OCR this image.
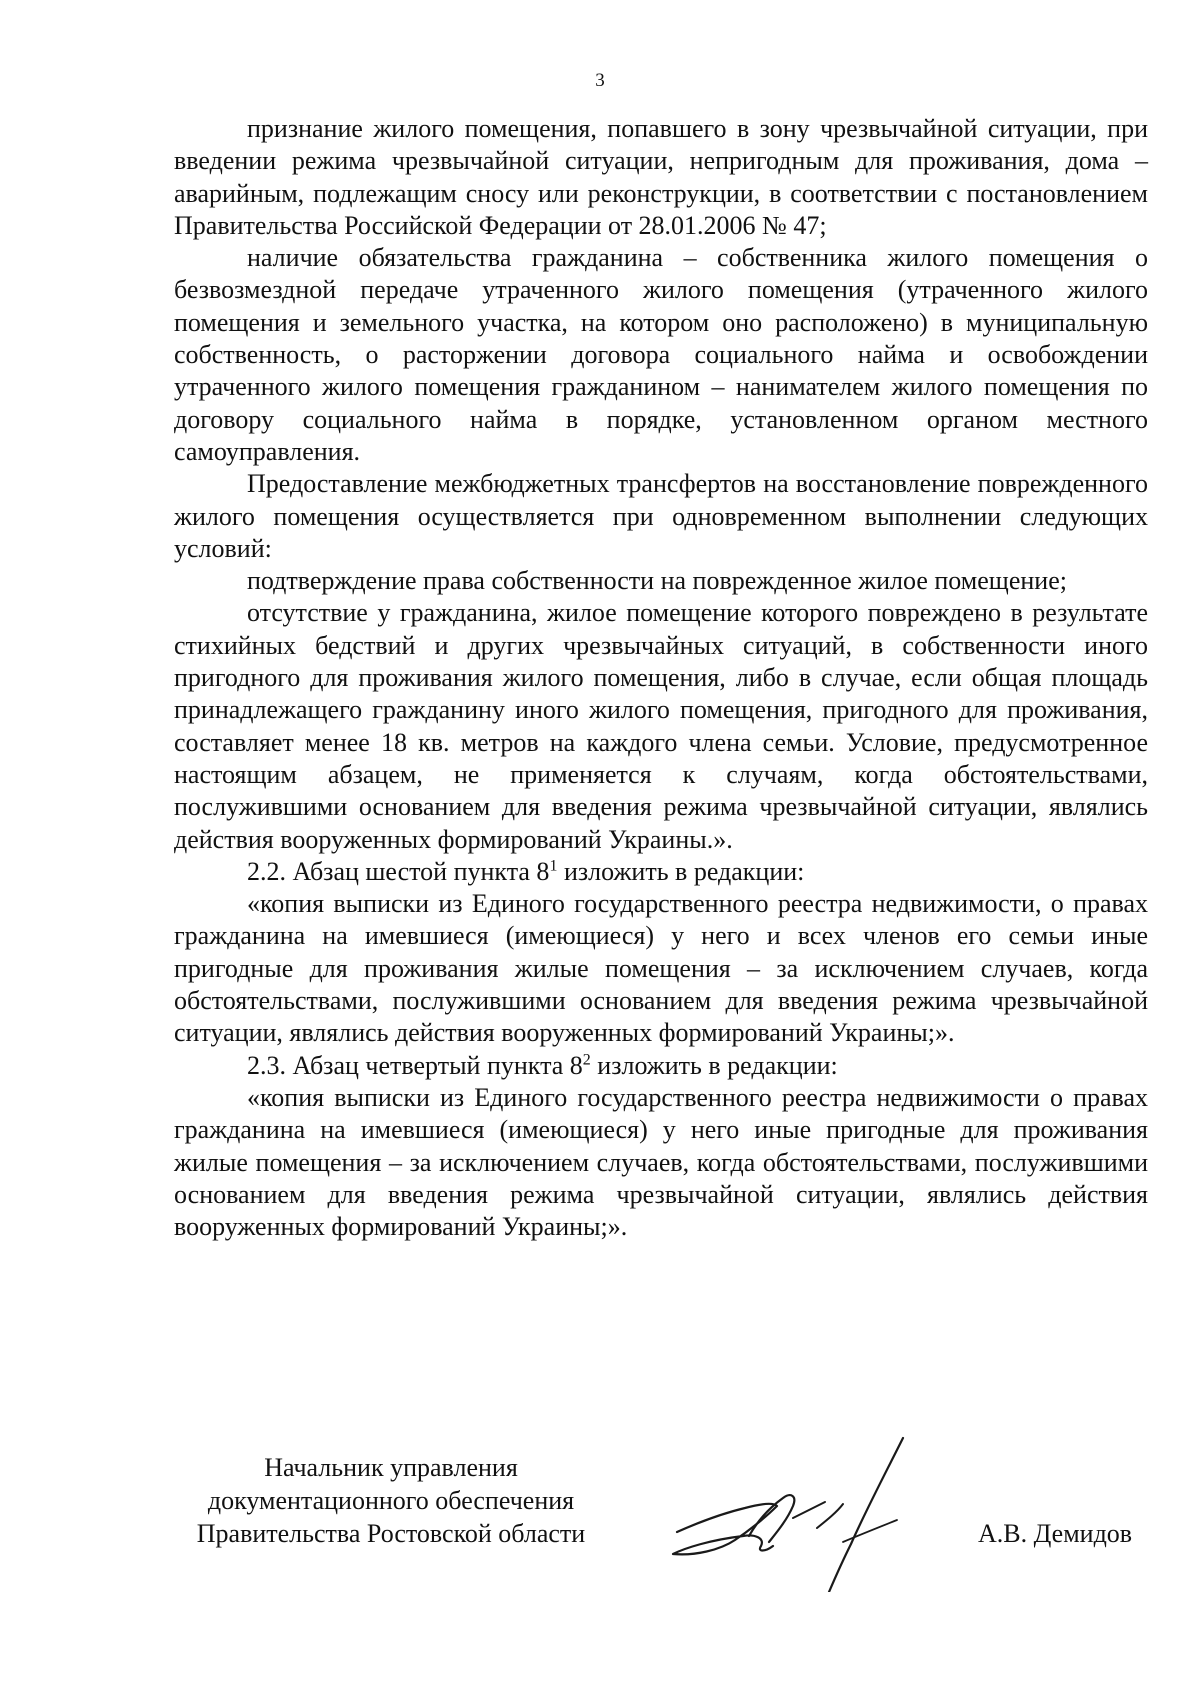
3

признание жилого помещения, попавшего в зону чрезвычайной ситуации, при введении режима чрезвычайной ситуации, непригодным для проживания, дома – аварийным, подлежащим сносу или реконструкции, в соответствии с постановлением Правительства Российской Федерации от 28.01.2006 № 47;

наличие обязательства гражданина – собственника жилого помещения о безвозмездной передаче утраченного жилого помещения (утраченного жилого помещения и земельного участка, на котором оно расположено) в муниципальную собственность, о расторжении договора социального найма и освобождении утраченного жилого помещения гражданином – нанимателем жилого помещения по договору социального найма в порядке, установленном органом местного самоуправления.

Предоставление межбюджетных трансфертов на восстановление поврежденного жилого помещения осуществляется при одновременном выполнении следующих условий:

подтверждение права собственности на поврежденное жилое помещение;

отсутствие у гражданина, жилое помещение которого повреждено в результате стихийных бедствий и других чрезвычайных ситуаций, в собственности иного пригодного для проживания жилого помещения, либо в случае, если общая площадь принадлежащего гражданину иного жилого помещения, пригодного для проживания, составляет менее 18 кв. метров на каждого члена семьи. Условие, предусмотренное настоящим абзацем, не применяется к случаям, когда обстоятельствами, послужившими основанием для введения режима чрезвычайной ситуации, являлись действия вооруженных формирований Украины.».

2.2. Абзац шестой пункта $8^1$ изложить в редакции:

«копия выписки из Единого государственного реестра недвижимости, о правах гражданина на имевшиеся (имеющиеся) у него и всех членов его семьи иные пригодные для проживания жилые помещения – за исключением случаев, когда обстоятельствами, послужившими основанием для введения режима чрезвычайной ситуации, являлись действия вооруженных формирований Украины;».

2.3. Абзац четвертый пункта $8^2$ изложить в редакции:

«копия выписки из Единого государственного реестра недвижимости о правах гражданина на имевшиеся (имеющиеся) у него иные пригодные для проживания жилые помещения – за исключением случаев, когда обстоятельствами, послужившими основанием для введения режима чрезвычайной ситуации, являлись действия вооруженных формирований Украины;».

Начальник управления
документационного обеспечения
Правительства Ростовской области	А.В. Демидов
